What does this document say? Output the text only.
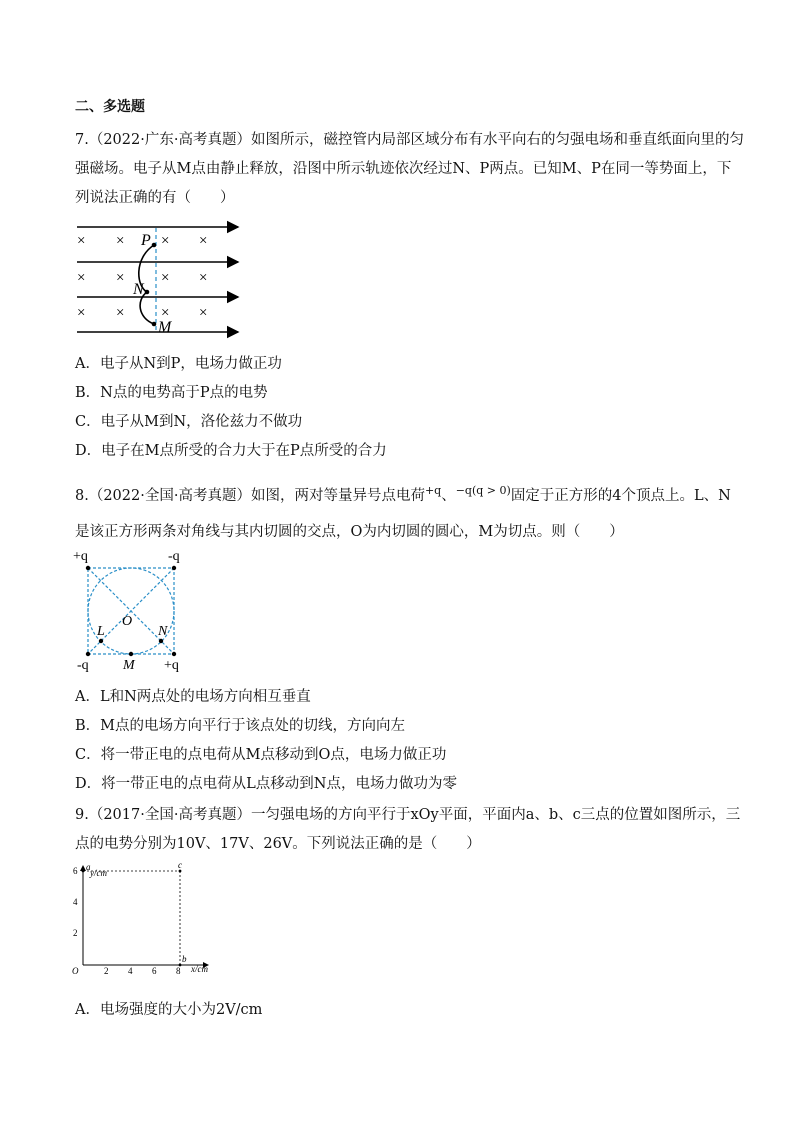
二、多选题
7.（2022·广东·高考真题）如图所示，磁控管内局部区域分布有水平向右的匀强电场和垂直纸面向里的匀
强磁场。电子从M点由静止释放，沿图中所示轨迹依次经过N、P两点。已知M、P在同一等势面上，下
列说法正确的有（　　）
× × × ×
× × × ×
× × × ×
P
N
M
A．电子从N到P，电场力做正功
B．N点的电势高于P点的电势
C．电子从M到N，洛伦兹力不做功
D．电子在M点所受的合力大于在P点所受的合力
8.（2022·全国·高考真题）如图，两对等量异号点电荷$^{+q}$、$^{-q(q > 0)}$固定于正方形的4个顶点上。L、N
是该正方形两条对角线与其内切圆的交点，O为内切圆的圆心，M为切点。则（　　）
+q	-q
-q	+q
L	N
O
M
A．L和N两点处的电场方向相互垂直
B．M点的电场方向平行于该点处的切线，方向向左
C．将一带正电的点电荷从M点移动到O点，电场力做正功
D．将一带正电的点电荷从L点移动到N点，电场力做功为零
9.（2017·全国·高考真题）一匀强电场的方向平行于xOy平面，平面内a、b、c三点的位置如图所示，三
点的电势分别为10V、17V、26V。下列说法正确的是（　　）
y/cm
x/cm
O
6
4
2
2 4 6 8
a	c
b
A．电场强度的大小为2V/cm
